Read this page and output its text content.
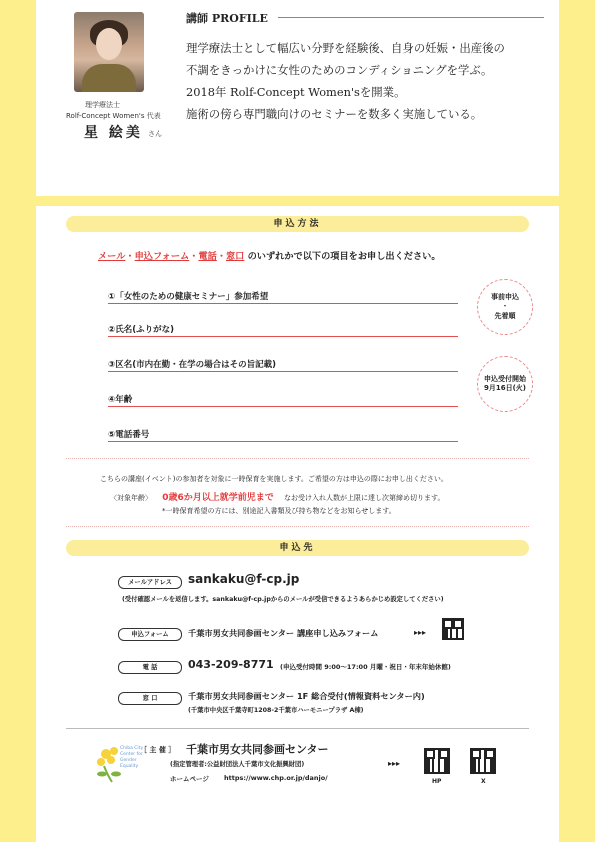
理学療法士
Rolf-Concept Women's 代表
星 絵美 さん
講師 PROFILE
理学療法士として幅広い分野を経験後、自身の妊娠・出産後の
不調をきっかけに女性のためのコンディショニングを学ぶ。
2018年 Rolf-Concept Women'sを開業。
施術の傍ら専門職向けのセミナーを数多く実施している。
申込方法
メール・申込フォーム・電話・窓口 のいずれかで以下の項目をお申し出ください。
①「女性のための健康セミナー」参加希望
②氏名(ふりがな)
③区名(市内在勤・在学の場合はその旨記載)
④年齢
⑤電話番号
事前申込
・
先着順
申込受付開始
9月16日(火)
こちらの講座(イベント)の参加者を対象に一時保育を実施します。ご希望の方は申込の際にお申し出ください。
〈対象年齢〉 0歳6か月以上就学前児まで なお受け入れ人数が上限に達し次第締め切ります。
*一時保育希望の方には、別途記入書類及び持ち物などをお知らせします。
申込先
メールアドレス	sankaku@f-cp.jp
(受付確認メールを返信します。sankaku@f-cp.jpからのメールが受信できるようあらかじめ設定してください)
申込フォーム	千葉市男女共同参画センター 講座申し込みフォーム	▸▸▸
電 話	043-209-8771 (申込受付時間 9:00〜17:00 月曜・祝日・年末年始休館)
窓 口	千葉市男女共同参画センター 1F 総合受付(情報資料センター内)
(千葉市中央区千葉寺町1208-2千葉市ハーモニープラザ A棟)
Chiba City
Center for
Gender
Equality
［ 主 催 ］ 千葉市男女共同参画センター
(指定管理者:公益財団法人千葉市文化振興財団)
ホームページ https://www.chp.or.jp/danjo/
▸▸▸
HP	X
